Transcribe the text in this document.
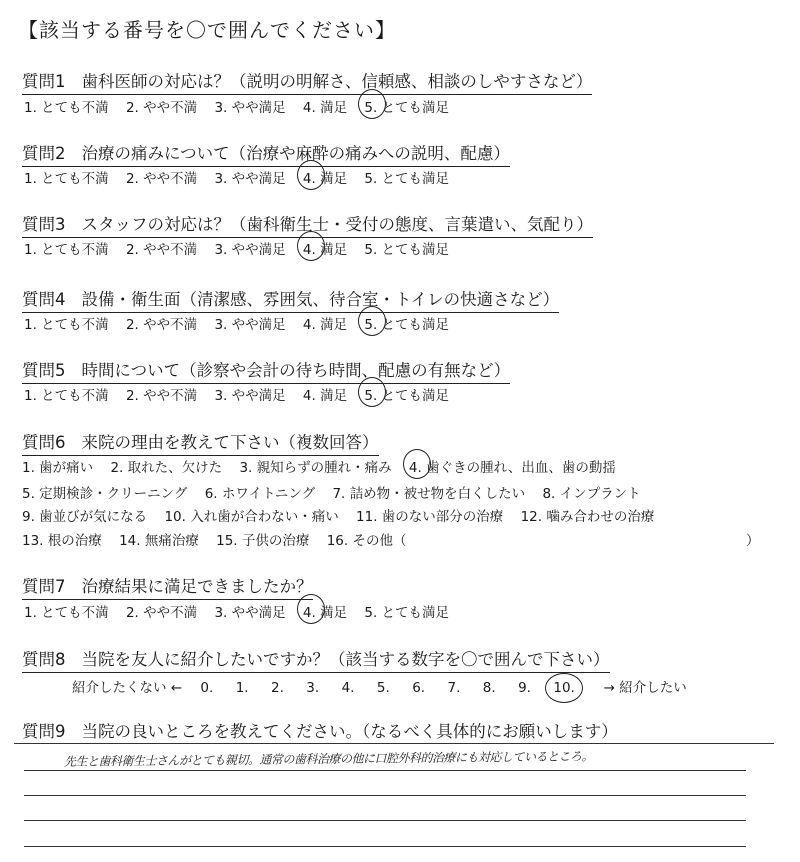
【該当する番号を〇で囲んでください】
質問1 歯科医師の対応は？（説明の明解さ、信頼感、相談のしやすさなど）
1. とても不満 2. やや不満 3. やや満足 4. 満足 5. とても満足
質問2 治療の痛みについて（治療や麻酔の痛みへの説明、配慮）
1. とても不満 2. やや不満 3. やや満足 4. 満足 5. とても満足
質問3 スタッフの対応は？（歯科衛生士・受付の態度、言葉遣い、気配り）
1. とても不満 2. やや不満 3. やや満足 4. 満足 5. とても満足
質問4 設備・衛生面（清潔感、雰囲気、待合室・トイレの快適さなど）
1. とても不満 2. やや不満 3. やや満足 4. 満足 5. とても満足
質問5 時間について（診察や会計の待ち時間、配慮の有無など）
1. とても不満 2. やや不満 3. やや満足 4. 満足 5. とても満足
質問6 来院の理由を教えて下さい（複数回答）
1. 歯が痛い 2. 取れた、欠けた 3. 親知らずの腫れ・痛み 4. 歯ぐきの腫れ、出血、歯の動揺
5. 定期検診・クリーニング 6. ホワイトニング 7. 詰め物・被せ物を白くしたい 8. インプラント
9. 歯並びが気になる 10. 入れ歯が合わない・痛い 11. 歯のない部分の治療 12. 噛み合わせの治療
13. 根の治療 14. 無痛治療 15. 子供の治療 16. その他（	）
質問7 治療結果に満足できましたか？
1. とても不満 2. やや不満 3. やや満足 4. 満足 5. とても満足
質問8 当院を友人に紹介したいですか？（該当する数字を〇で囲んで下さい）
紹介したくない ← 0. 1. 2. 3. 4. 5. 6. 7. 8. 9. 10. → 紹介したい
質問9 当院の良いところを教えてください。（なるべく具体的にお願いします）
先生と歯科衛生士さんがとても親切。通常の歯科治療の他に口腔外科的治療にも対応しているところ。
